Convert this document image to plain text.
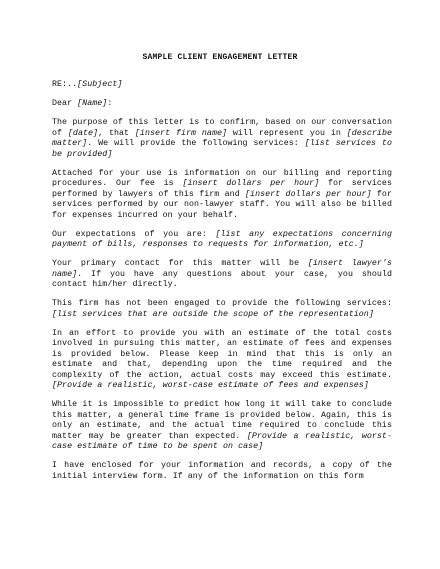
SAMPLE CLIENT ENGAGEMENT LETTER

RE:..[Subject]

Dear [Name]:

The purpose of this letter is to confirm, based on our conversation of [date], that [insert firm name] will represent you in [describe matter]. We will provide the following services: [list services to be provided]

Attached for your use is information on our billing and reporting procedures. Our fee is [insert dollars per hour] for services performed by lawyers of this firm and [insert dollars per hour] for services performed by our non-lawyer staff. You will also be billed for expenses incurred on your behalf.

Our expectations of you are: [list any expectations concerning payment of bills, responses to requests for information, etc.]

Your primary contact for this matter will be [insert lawyer's name]. If you have any questions about your case, you should contact him/her directly.

This firm has not been engaged to provide the following services: [list services that are outside the scope of the representation]

In an effort to provide you with an estimate of the total costs involved in pursuing this matter, an estimate of fees and expenses is provided below. Please keep in mind that this is only an estimate and that, depending upon the time required and the complexity of the action, actual costs may exceed this estimate. [Provide a realistic, worst-case estimate of fees and expenses]

While it is impossible to predict how long it will take to conclude this matter, a general time frame is provided below. Again, this is only an estimate, and the actual time required to conclude this matter may be greater than expected. [Provide a realistic, worst-case estimate of time to be spent on case]

I have enclosed for your information and records, a copy of the initial interview form. If any of the information on this form
